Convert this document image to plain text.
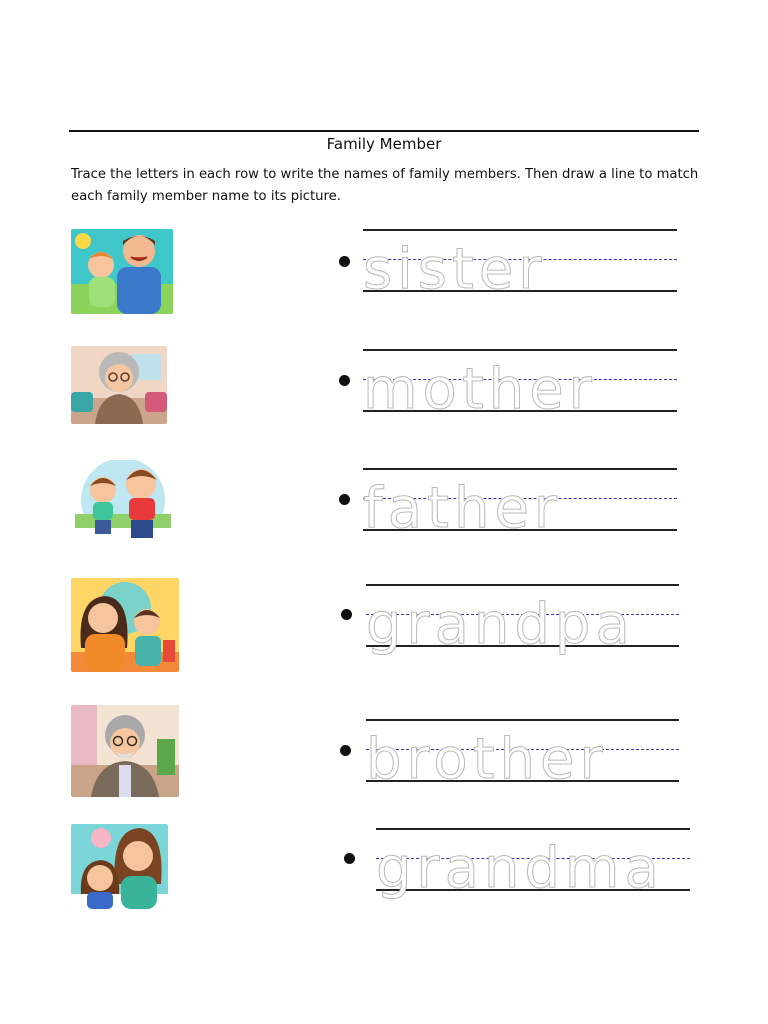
Family Member
Trace the letters in each row to write the names of family members. Then draw a line to match each family member name to its picture.
sister
mother
father
grandpa
brother
grandma
